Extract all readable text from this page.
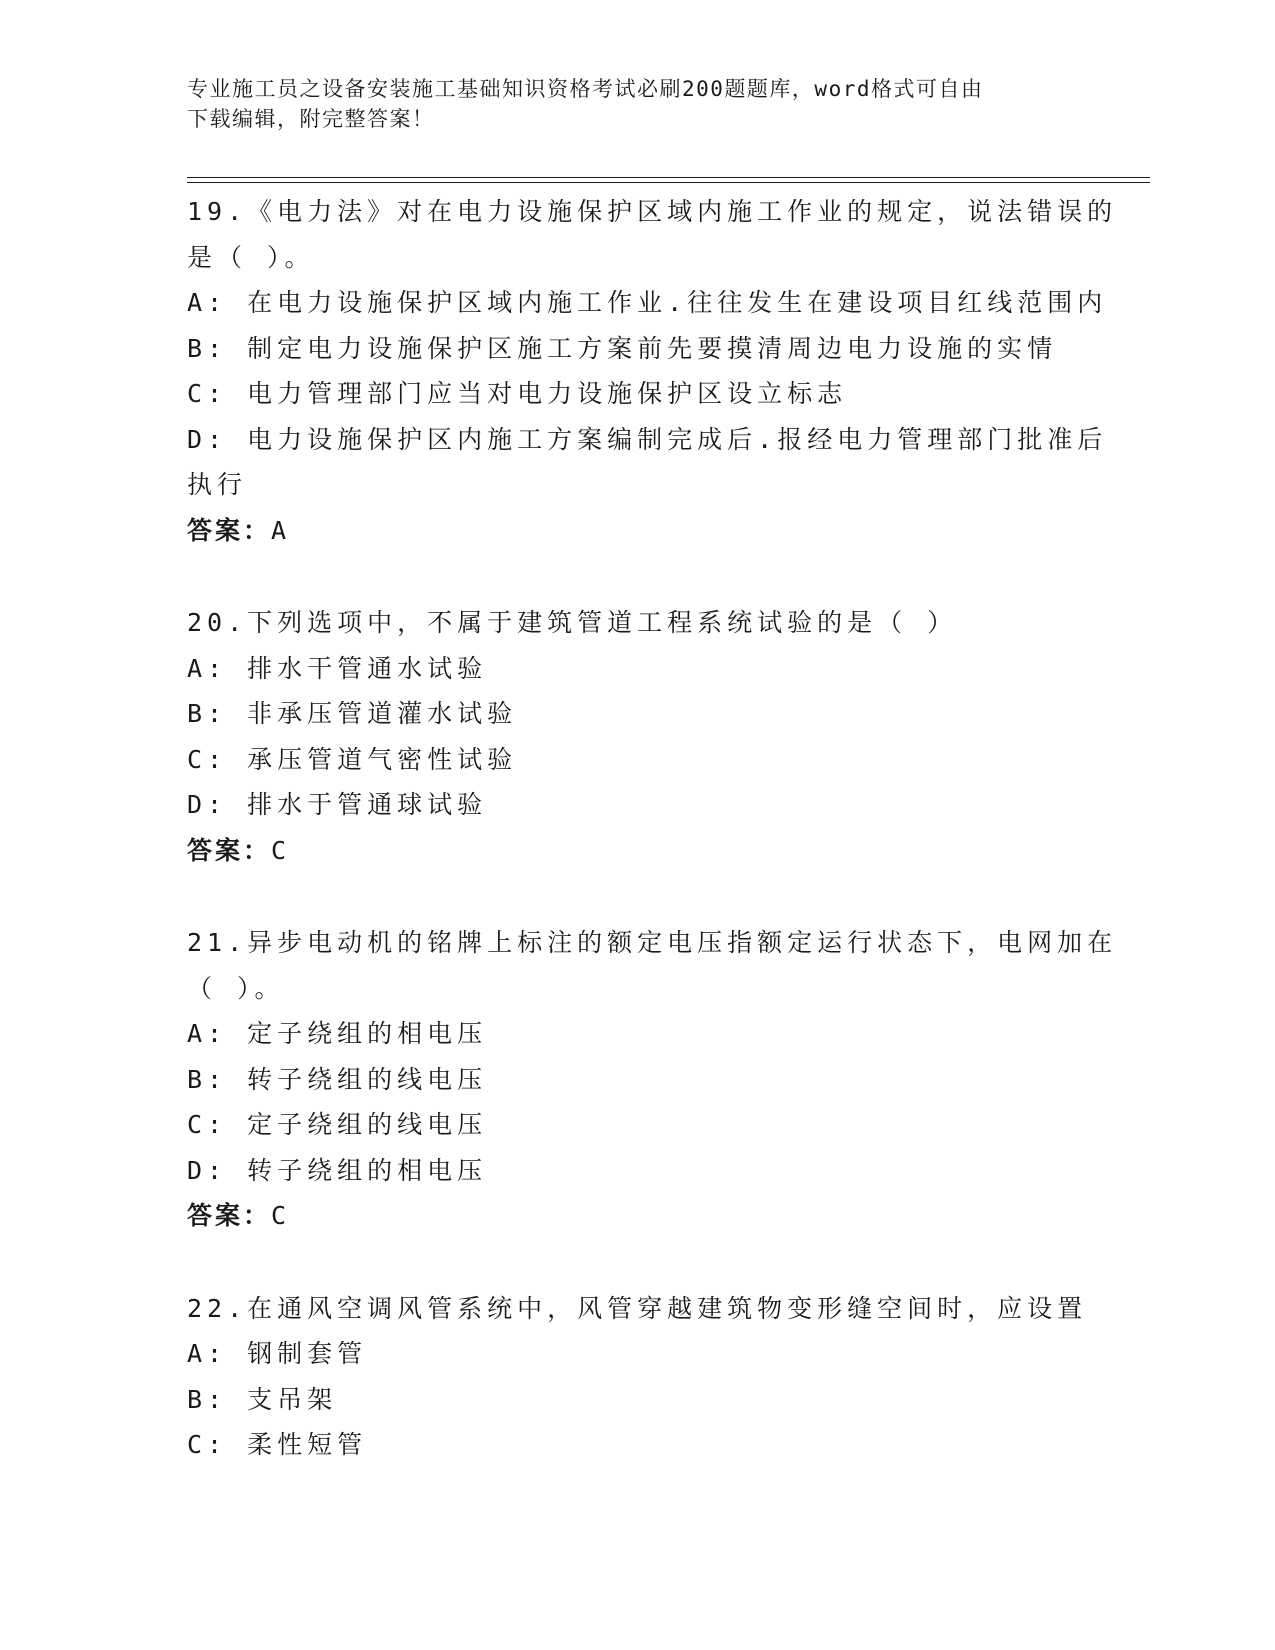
专业施工员之设备安装施工基础知识资格考试必刷200题题库，word格式可自由
下载编辑，附完整答案！
19.《电力法》对在电力设施保护区域内施工作业的规定，说法错误的
是（ ）。
A: 在电力设施保护区域内施工作业.往往发生在建设项目红线范围内
B: 制定电力设施保护区施工方案前先要摸清周边电力设施的实情
C: 电力管理部门应当对电力设施保护区设立标志
D: 电力设施保护区内施工方案编制完成后.报经电力管理部门批准后
执行
答案：A
20.下列选项中，不属于建筑管道工程系统试验的是（ ）
A: 排水干管通水试验
B: 非承压管道灌水试验
C: 承压管道气密性试验
D: 排水于管通球试验
答案：C
21.异步电动机的铭牌上标注的额定电压指额定运行状态下，电网加在
（ ）。
A: 定子绕组的相电压
B: 转子绕组的线电压
C: 定子绕组的线电压
D: 转子绕组的相电压
答案：C
22.在通风空调风管系统中，风管穿越建筑物变形缝空间时，应设置
A: 钢制套管
B: 支吊架
C: 柔性短管
